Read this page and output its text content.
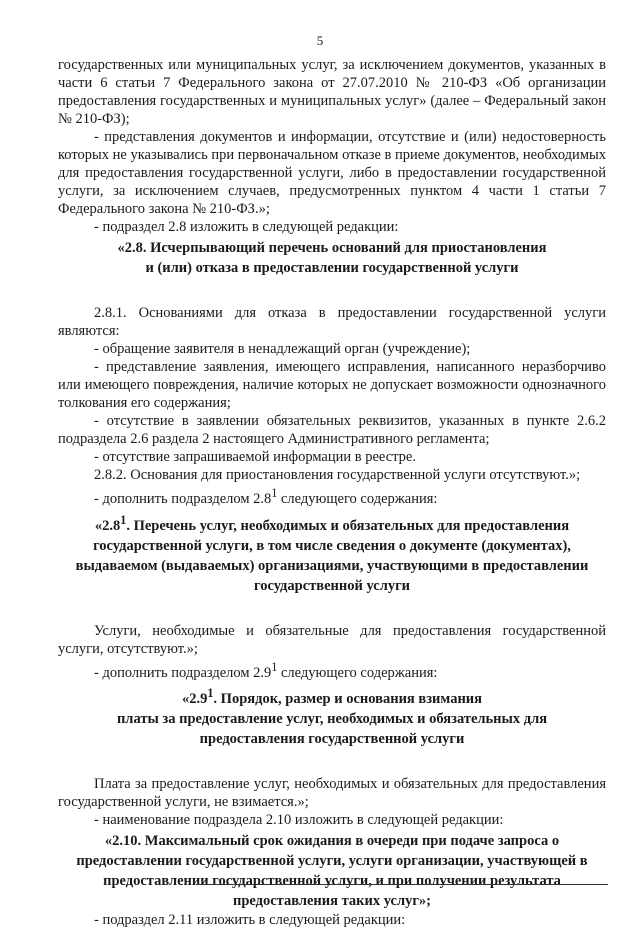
5

государственных или муниципальных услуг, за исключением документов, указанных в части 6 статьи 7 Федерального закона от 27.07.2010 № 210-ФЗ «Об организации предоставления государственных и муниципальных услуг» (далее – Федеральный закон № 210-ФЗ);

- представления документов и информации, отсутствие и (или) недостоверность которых не указывались при первоначальном отказе в приеме документов, необходимых для предоставления государственной услуги, либо в предоставлении государственной услуги, за исключением случаев, предусмотренных пунктом 4 части 1 статьи 7 Федерального закона № 210-ФЗ.»;

- подраздел 2.8 изложить в следующей редакции:

«2.8. Исчерпывающий перечень оснований для приостановления

и (или) отказа в предоставлении государственной услуги

2.8.1. Основаниями для отказа в предоставлении государственной услуги являются:

- обращение заявителя в ненадлежащий орган (учреждение);

- представление заявления, имеющего исправления, написанного неразборчиво или имеющего повреждения, наличие которых не допускает возможности однозначного толкования его содержания;

- отсутствие в заявлении обязательных реквизитов, указанных в пункте 2.6.2 подраздела 2.6 раздела 2 настоящего Административного регламента;

- отсутствие запрашиваемой информации в реестре.

2.8.2. Основания для приостановления государственной услуги отсутствуют.»;

- дополнить подразделом $2.8^1$ следующего содержания:

«$2.8^1$. Перечень услуг, необходимых и обязательных для предоставления государственной услуги, в том числе сведения о документе (документах), выдаваемом (выдаваемых) организациями, участвующими в предоставлении государственной услуги

Услуги, необходимые и обязательные для предоставления государственной услуги, отсутствуют.»;

- дополнить подразделом $2.9^1$ следующего содержания:

«$2.9^1$. Порядок, размер и основания взимания

платы за предоставление услуг, необходимых и обязательных для

предоставления государственной услуги

Плата за предоставление услуг, необходимых и обязательных для предоставления государственной услуги, не взимается.»;

- наименование подраздела 2.10 изложить в следующей редакции:

«2.10. Максимальный срок ожидания в очереди при подаче запроса о предоставлении государственной услуги, услуги организации, участвующей в предоставлении государственной услуги, и при получении результата предоставления таких услуг»;

- подраздел 2.11 изложить в следующей редакции:
